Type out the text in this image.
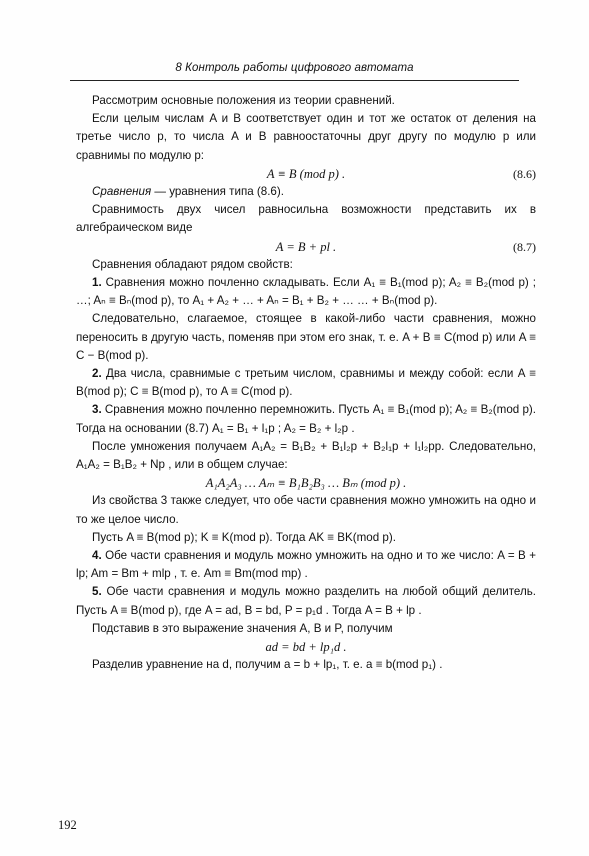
8 Контроль работы цифрового автомата

Рассмотрим основные положения из теории сравнений.

Если целым числам A и B соответствует один и тот же остаток от деления на третье число p, то числа A и B равноостаточны друг другу по модулю p или сравнимы по модулю p:

A ≡ B (mod p) .	(8.6)

Сравнения — уравнения типа (8.6).

Сравнимость двух чисел равносильна возможности представить их в алгебраическом виде

A = B + pl .	(8.7)

Сравнения обладают рядом свойств:

1. Сравнения можно почленно складывать. Если A₁ ≡ B₁(mod p); A₂ ≡ B₂(mod p) ; …; Aₙ ≡ Bₙ(mod p), то A₁ + A₂ + … + Aₙ = B₁ + B₂ + … … + Bₙ(mod p).

Следовательно, слагаемое, стоящее в какой-либо части сравнения, можно переносить в другую часть, поменяв при этом его знак, т. е. A + B ≡ C(mod p) или A ≡ C − B(mod p).

2. Два числа, сравнимые с третьим числом, сравнимы и между собой: если A ≡ B(mod p); C ≡ B(mod p), то A ≡ C(mod p).

3. Сравнения можно почленно перемножить. Пусть A₁ ≡ B₁(mod p); A₂ ≡ B₂(mod p). Тогда на основании (8.7) A₁ = B₁ + l₁p ; A₂ = B₂ + l₂p .

После умножения получаем A₁A₂ = B₁B₂ + B₁l₂p + B₂l₁p + l₁l₂pp. Следовательно, A₁A₂ = B₁B₂ + Np , или в общем случае:

A₁A₂A₃ … Aₘ ≡ B₁B₂B₃ … Bₘ (mod p) .

Из свойства 3 также следует, что обе части сравнения можно умножить на одно и то же целое число.

Пусть A ≡ B(mod p); K ≡ K(mod p). Тогда AK ≡ BK(mod p).

4. Обе части сравнения и модуль можно умножить на одно и то же число: A = B + lp; Am = Bm + mlp , т. е. Am ≡ Bm(mod mp) .

5. Обе части сравнения и модуль можно разделить на любой общий делитель. Пусть A ≡ B(mod p), где A = ad, B = bd, P = p₁d . Тогда A = B + lp .

Подставив в это выражение значения A, B и P, получим

ad = bd + lp₁d .

Разделив уравнение на d, получим a = b + lp₁, т. е. a ≡ b(mod p₁) .

192
